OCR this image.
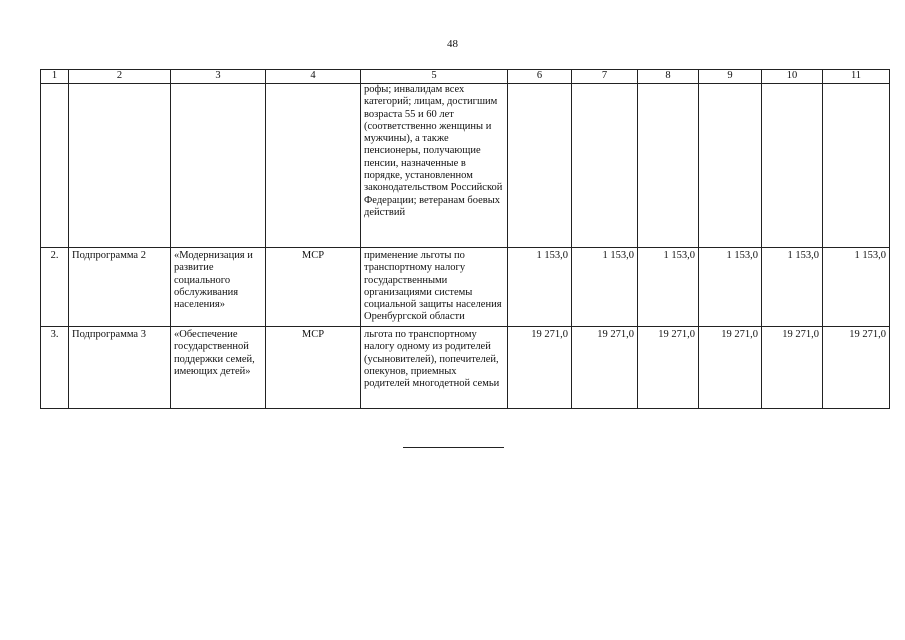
48
1	2	3	4	5	6	7	8	9	10	11
				рофы; инвалидам всех категорий; лицам, достигшим возраста 55 и 60 лет (соответственно женщины и мужчины), а также пенсионеры, получающие пенсии, назначенные в порядке, установленном законодательством Российской Федерации; ветеранам боевых действий						
2.	Подпрограмма 2	«Модернизация и развитие социального обслуживания населения»	МСР	применение льготы по транспортному налогу государственными организациями системы социальной защиты населения Оренбургской области	1 153,0	1 153,0	1 153,0	1 153,0	1 153,0	1 153,0
3.	Подпрограмма 3	«Обеспечение государственной поддержки семей, имеющих детей»	МСР	льгота по транспортному налогу одному из родителей (усыновителей), попечителей, опекунов, приемных родителей многодетной семьи	19 271,0	19 271,0	19 271,0	19 271,0	19 271,0	19 271,0
